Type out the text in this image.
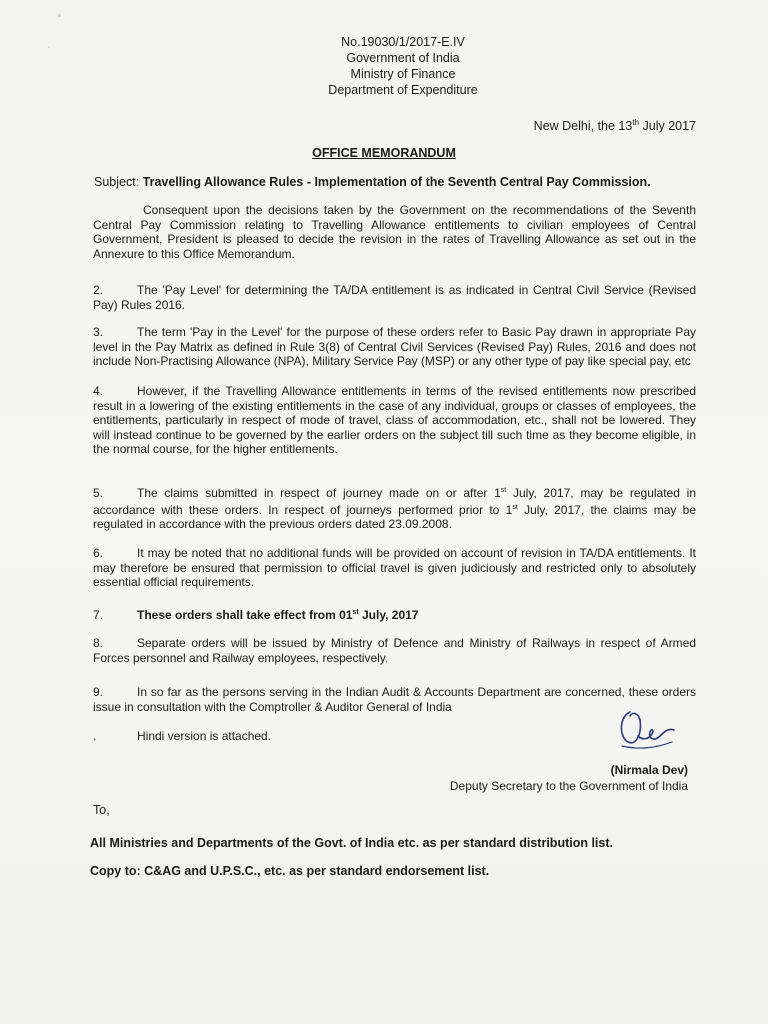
No.19030/1/2017-E.IV
Government of India
Ministry of Finance
Department of Expenditure
New Delhi, the 13th July 2017
OFFICE MEMORANDUM
Subject: Travelling Allowance Rules - Implementation of the Seventh Central Pay Commission.
Consequent upon the decisions taken by the Government on the recommendations of the Seventh Central Pay Commission relating to Travelling Allowance entitlements to civilian employees of Central Government, President is pleased to decide the revision in the rates of Travelling Allowance as set out in the Annexure to this Office Memorandum.
2.	The 'Pay Level' for determining the TA/DA entitlement is as indicated in Central Civil Service (Revised Pay) Rules 2016.
3.	The term 'Pay in the Level' for the purpose of these orders refer to Basic Pay drawn in appropriate Pay level in the Pay Matrix as defined in Rule 3(8) of Central Civil Services (Revised Pay) Rules, 2016 and does not include Non-Practising Allowance (NPA), Military Service Pay (MSP) or any other type of pay like special pay, etc
4.	However, if the Travelling Allowance entitlements in terms of the revised entitlements now prescribed result in a lowering of the existing entitlements in the case of any individual, groups or classes of employees, the entitlements, particularly in respect of mode of travel, class of accommodation, etc., shall not be lowered. They will instead continue to be governed by the earlier orders on the subject till such time as they become eligible, in the normal course, for the higher entitlements.
5.	The claims submitted in respect of journey made on or after 1st July, 2017, may be regulated in accordance with these orders. In respect of journeys performed prior to 1st July, 2017, the claims may be regulated in accordance with the previous orders dated 23.09.2008.
6.	It may be noted that no additional funds will be provided on account of revision in TA/DA entitlements. It may therefore be ensured that permission to official travel is given judiciously and restricted only to absolutely essential official requirements.
7.	These orders shall take effect from 01st July, 2017
8.	Separate orders will be issued by Ministry of Defence and Ministry of Railways in respect of Armed Forces personnel and Railway employees, respectively.
9.	In so far as the persons serving in the Indian Audit & Accounts Department are concerned, these orders issue in consultation with the Comptroller & Auditor General of India
.	Hindi version is attached.
(Nirmala Dev)
Deputy Secretary to the Government of India
To,
All Ministries and Departments of the Govt. of India etc. as per standard distribution list.
Copy to: C&AG and U.P.S.C., etc. as per standard endorsement list.
